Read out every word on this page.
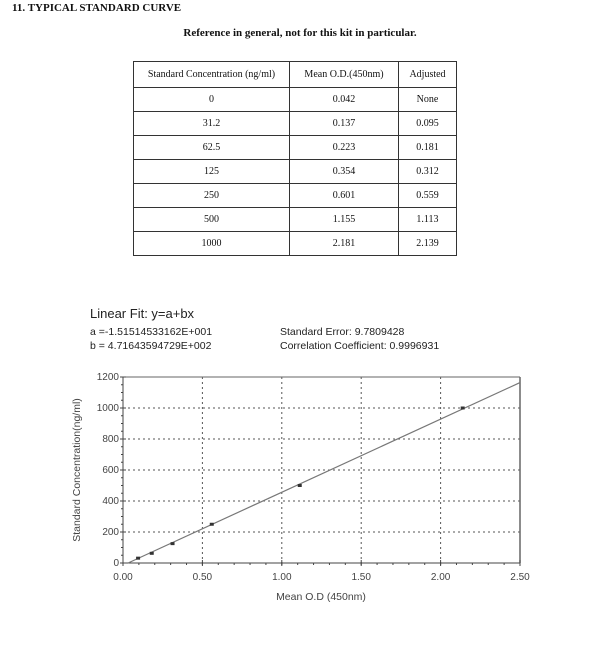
11. TYPICAL STANDARD CURVE
Reference in general, not for this kit in particular.
Standard Concentration (ng/ml)	Mean O.D.(450nm)	Adjusted
0	0.042	None
31.2	0.137	0.095
62.5	0.223	0.181
125	0.354	0.312
250	0.601	0.559
500	1.155	1.113
1000	2.181	2.139
Linear Fit: y=a+bx
a =-1.51514533162E+001
b = 4.71643594729E+002
Standard Error: 9.7809428
Correlation Coefficient: 0.9996931
0
200
400
600
800
1000
1200
0.00	0.50	1.00	1.50	2.00	2.50
Mean O.D (450nm)
Standard Concentration(ng/ml)
